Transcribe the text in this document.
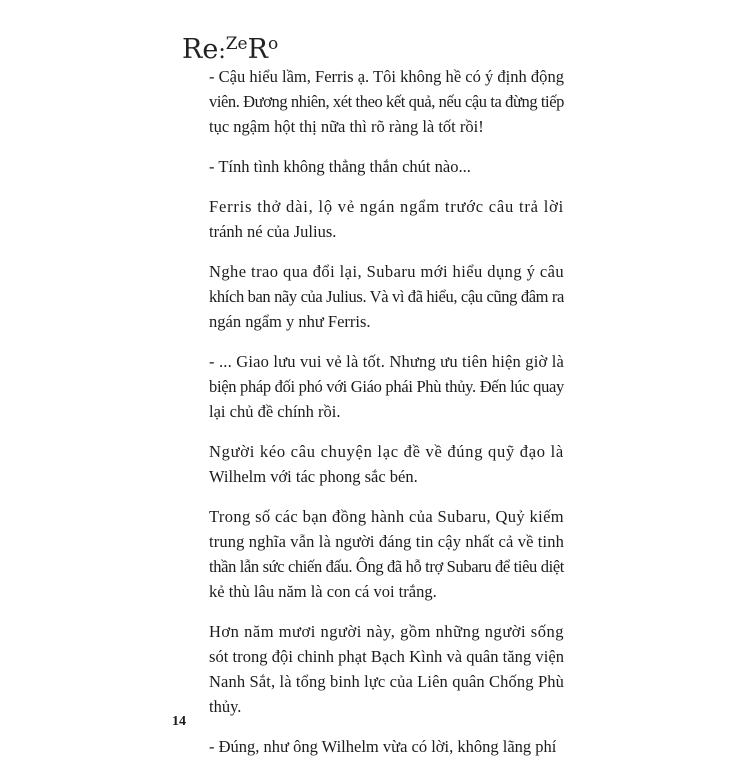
$Re:^{Ze}R^o$
- Cậu hiểu lầm, Ferris ạ. Tôi không hề có ý định động
viên. Đương nhiên, xét theo kết quả, nếu cậu ta đừng tiếp
tục ngậm hột thị nữa thì rõ ràng là tốt rồi!
- Tính tình không thẳng thắn chút nào...
Ferris thở dài, lộ vẻ ngán ngẩm trước câu trả lời
tránh né của Julius.
Nghe trao qua đổi lại, Subaru mới hiểu dụng ý câu
khích ban nãy của Julius. Và vì đã hiểu, cậu cũng đâm ra
ngán ngẩm y như Ferris.
- ... Giao lưu vui vẻ là tốt. Nhưng ưu tiên hiện giờ là
biện pháp đối phó với Giáo phái Phù thủy. Đến lúc quay
lại chủ đề chính rồi.
Người kéo câu chuyện lạc đề về đúng quỹ đạo là
Wilhelm với tác phong sắc bén.
Trong số các bạn đồng hành của Subaru, Quỷ kiếm
trung nghĩa vẫn là người đáng tin cậy nhất cả về tinh
thần lẫn sức chiến đấu. Ông đã hỗ trợ Subaru để tiêu diệt
kẻ thù lâu năm là con cá voi trắng.
Hơn năm mươi người này, gồm những người sống
sót trong đội chinh phạt Bạch Kình và quân tăng viện
Nanh Sắt, là tổng binh lực của Liên quân Chống Phù
thủy.
- Đúng, như ông Wilhelm vừa có lời, không lãng phí
14
